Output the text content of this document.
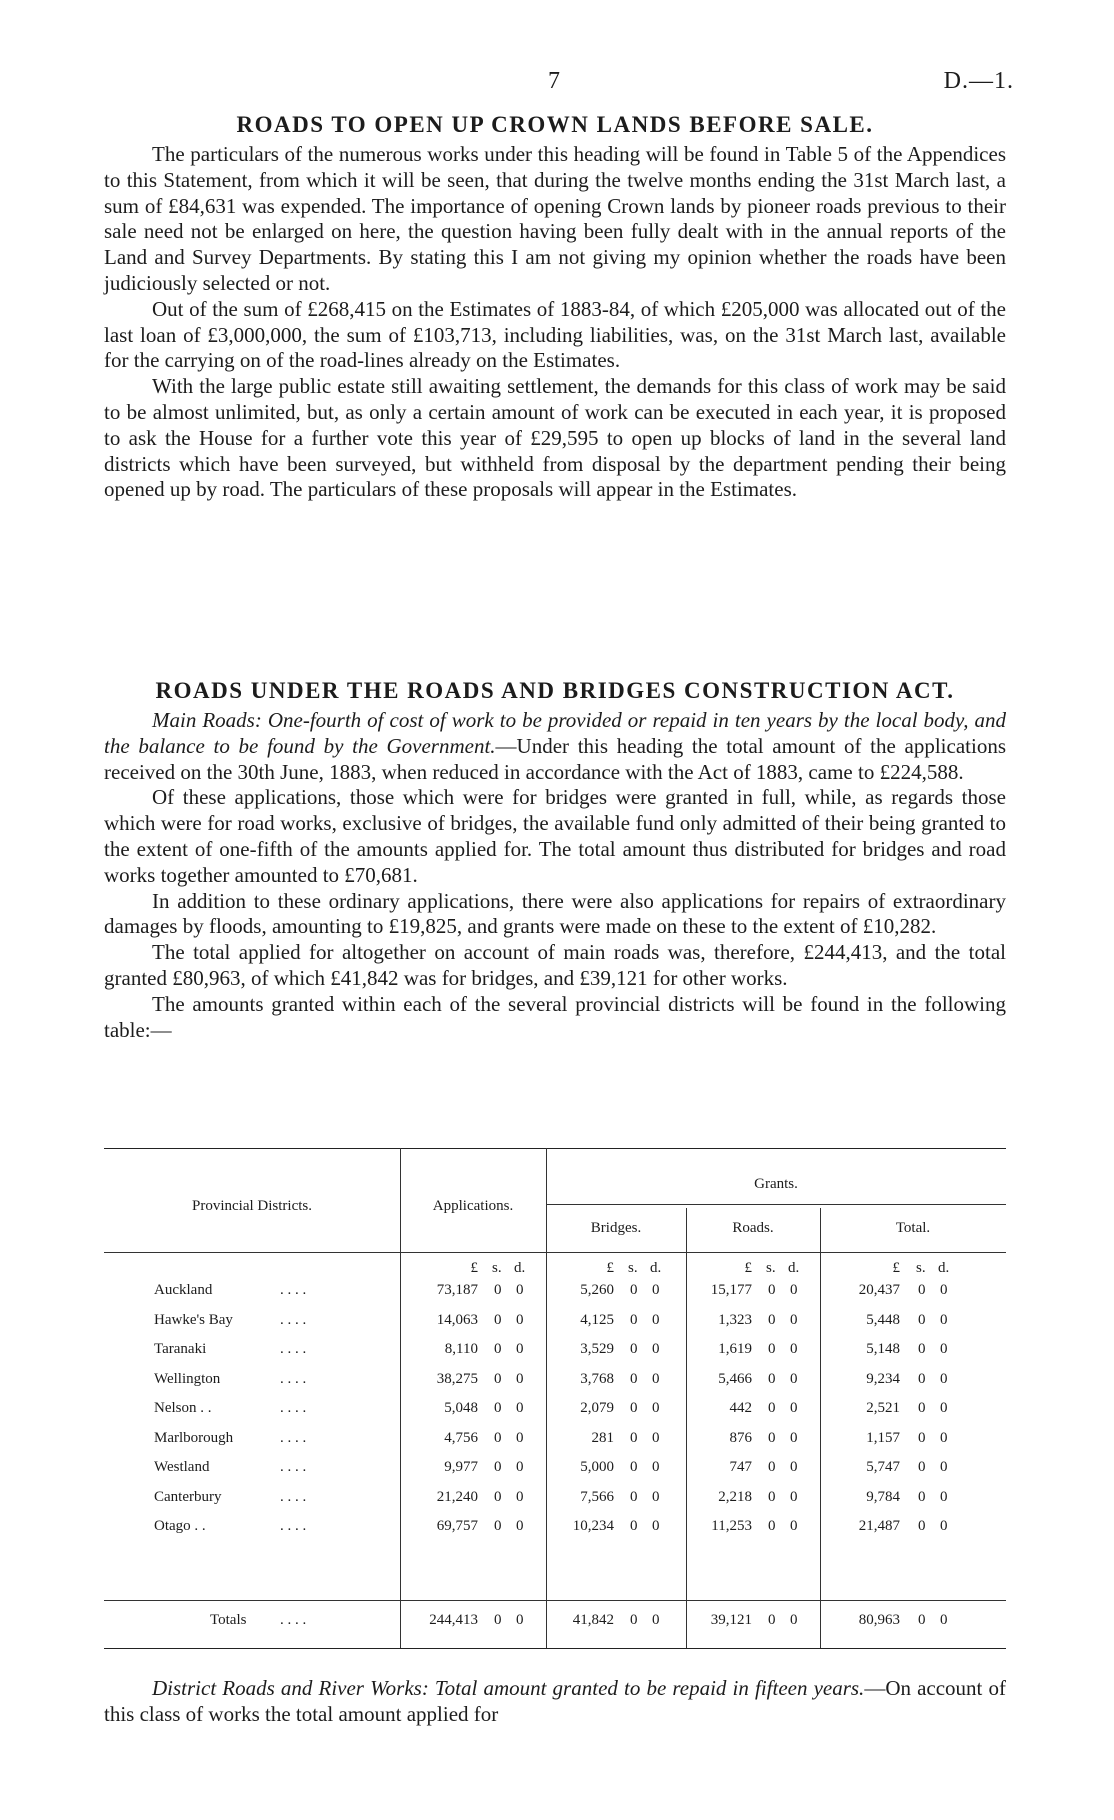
7	D.—1.
ROADS TO OPEN UP CROWN LANDS BEFORE SALE.

The particulars of the numerous works under this heading will be found in Table 5 of the Appendices to this Statement, from which it will be seen, that during the twelve months ending the 31st March last, a sum of £84,631 was expended. The importance of opening Crown lands by pioneer roads previous to their sale need not be enlarged on here, the question having been fully dealt with in the annual reports of the Land and Survey Departments. By stating this I am not giving my opinion whether the roads have been judiciously selected or not.

Out of the sum of £268,415 on the Estimates of 1883-84, of which £205,000 was allocated out of the last loan of £3,000,000, the sum of £103,713, including liabilities, was, on the 31st March last, available for the carrying on of the road-lines already on the Estimates.

With the large public estate still awaiting settlement, the demands for this class of work may be said to be almost unlimited, but, as only a certain amount of work can be executed in each year, it is proposed to ask the House for a further vote this year of £29,595 to open up blocks of land in the several land districts which have been surveyed, but withheld from disposal by the department pending their being opened up by road. The particulars of these proposals will appear in the Estimates.

ROADS UNDER THE ROADS AND BRIDGES CONSTRUCTION ACT.

Main Roads: One-fourth of cost of work to be provided or repaid in ten years by the local body, and the balance to be found by the Government.—Under this heading the total amount of the applications received on the 30th June, 1883, when reduced in accordance with the Act of 1883, came to £224,588.

Of these applications, those which were for bridges were granted in full, while, as regards those which were for road works, exclusive of bridges, the available fund only admitted of their being granted to the extent of one-fifth of the amounts applied for. The total amount thus distributed for bridges and road works together amounted to £70,681.

In addition to these ordinary applications, there were also applications for repairs of extraordinary damages by floods, amounting to £19,825, and grants were made on these to the extent of £10,282.

The total applied for altogether on account of main roads was, therefore, £244,413, and the total granted £80,963, of which £41,842 was for bridges, and £39,121 for other works.

The amounts granted within each of the several provincial districts will be found in the following table:—

Provincial Districts.	Applications.
Grants.
Bridges.	Roads.	Total.
£ s. d.	£ s. d.	£ s. d.	£ s. d.
Auckland	. . . .	73,187 0 0	5,260 0 0	15,177 0 0	20,437 0 0
Hawke's Bay	. . . .	14,063 0 0	4,125 0 0	1,323 0 0	5,448 0 0
Taranaki	. . . .	8,110 0 0	3,529 0 0	1,619 0 0	5,148 0 0
Wellington	. . . .	38,275 0 0	3,768 0 0	5,466 0 0	9,234 0 0
Nelson . .	. . . .	5,048 0 0	2,079 0 0	442 0 0	2,521 0 0
Marlborough	. . . .	4,756 0 0	281 0 0	876 0 0	1,157 0 0
Westland	. . . .	9,977 0 0	5,000 0 0	747 0 0	5,747 0 0
Canterbury	. . . .	21,240 0 0	7,566 0 0	2,218 0 0	9,784 0 0
Otago . .	. . . .	69,757 0 0	10,234 0 0	11,253 0 0	21,487 0 0
Totals . . . .	244,413 0 0	41,842 0 0	39,121 0 0	80,963 0 0

District Roads and River Works: Total amount granted to be repaid in fifteen years.—On account of this class of works the total amount applied for
